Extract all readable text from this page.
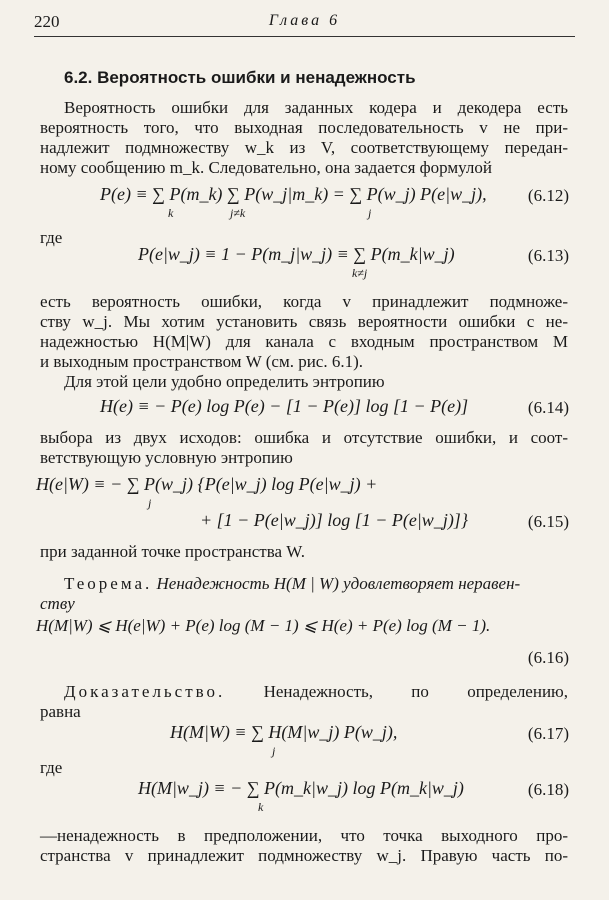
220	Глава 6
6.2. Вероятность ошибки и ненадежность
Вероятность ошибки для заданных кодера и декодера есть
вероятность того, что выходная последовательность v не при-
надлежит подмножеству w_k из V, соответствующему передан-
ному сообщению m_k. Следовательно, она задается формулой
P(e) ≡ ∑ P(m_k) ∑ P(w_j|m_k) = ∑ P(w_j) P(e|w_j),
k	j≠k	j
(6.12)
где
P(e|w_j) ≡ 1 − P(m_j|w_j) ≡ ∑ P(m_k|w_j)
k≠j
(6.13)
есть вероятность ошибки, когда v принадлежит подмноже-
ству w_j. Мы хотим установить связь вероятности ошибки с не-
надежностью H(M|W) для канала с входным пространством M
и выходным пространством W (см. рис. 6.1).
Для этой цели удобно определить энтропию
H(e) ≡ − P(e) log P(e) − [1 − P(e)] log [1 − P(e)]	(6.14)
выбора из двух исходов: ошибка и отсутствие ошибки, и соот-
ветствующую условную энтропию
H(e|W) ≡ − ∑ P(w_j) {P(e|w_j) log P(e|w_j) +
j
+ [1 − P(e|w_j)] log [1 − P(e|w_j)]}	(6.15)
при заданной точке пространства W.
Теорема. Ненадежность H(M | W) удовлетворяет неравен-
ству
H(M|W) ⩽ H(e|W) + P(e) log (M − 1) ⩽ H(e) + P(e) log (M − 1).
(6.16)
Доказательство. Ненадежность, по определению,
равна
H(M|W) ≡ ∑ H(M|w_j) P(w_j),
j
(6.17)
где
H(M|w_j) ≡ − ∑ P(m_k|w_j) log P(m_k|w_j)
k
(6.18)
—ненадежность в предположении, что точка выходного про-
странства v принадлежит подмножеству w_j. Правую часть по-
